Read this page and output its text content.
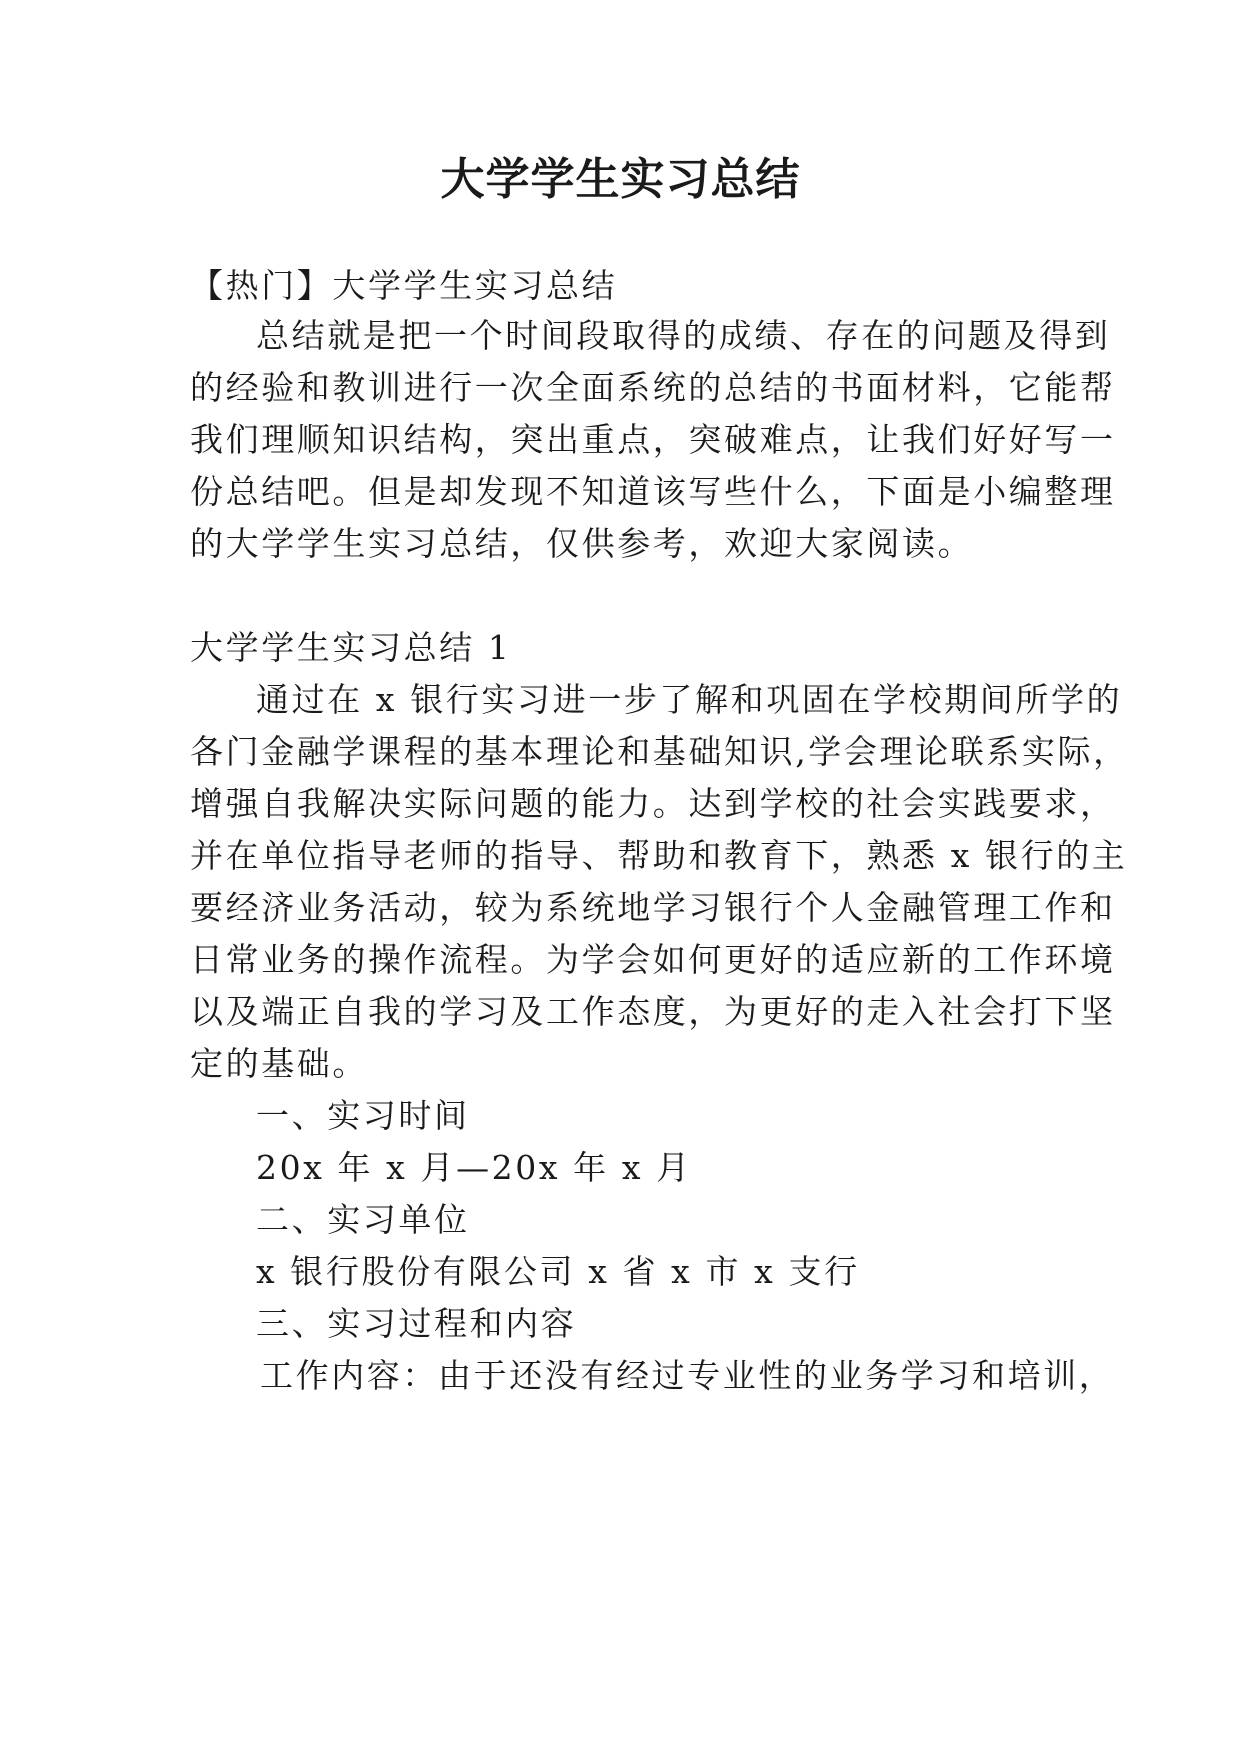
大学学生实习总结
【热门】大学学生实习总结
总结就是把一个时间段取得的成绩、存在的问题及得到
的经验和教训进行一次全面系统的总结的书面材料，它能帮
我们理顺知识结构，突出重点，突破难点，让我们好好写一
份总结吧。但是却发现不知道该写些什么，下面是小编整理
的大学学生实习总结，仅供参考，欢迎大家阅读。
大学学生实习总结 1
通过在 x 银行实习进一步了解和巩固在学校期间所学的
各门金融学课程的基本理论和基础知识,学会理论联系实际，
增强自我解决实际问题的能力。达到学校的社会实践要求，
并在单位指导老师的指导、帮助和教育下，熟悉 x 银行的主
要经济业务活动，较为系统地学习银行个人金融管理工作和
日常业务的操作流程。为学会如何更好的适应新的工作环境
以及端正自我的学习及工作态度，为更好的走入社会打下坚
定的基础。
一、实习时间
20x 年 x 月—20x 年 x 月
二、实习单位
x 银行股份有限公司 x 省 x 市 x 支行
三、实习过程和内容
工作内容：由于还没有经过专业性的业务学习和培训，
